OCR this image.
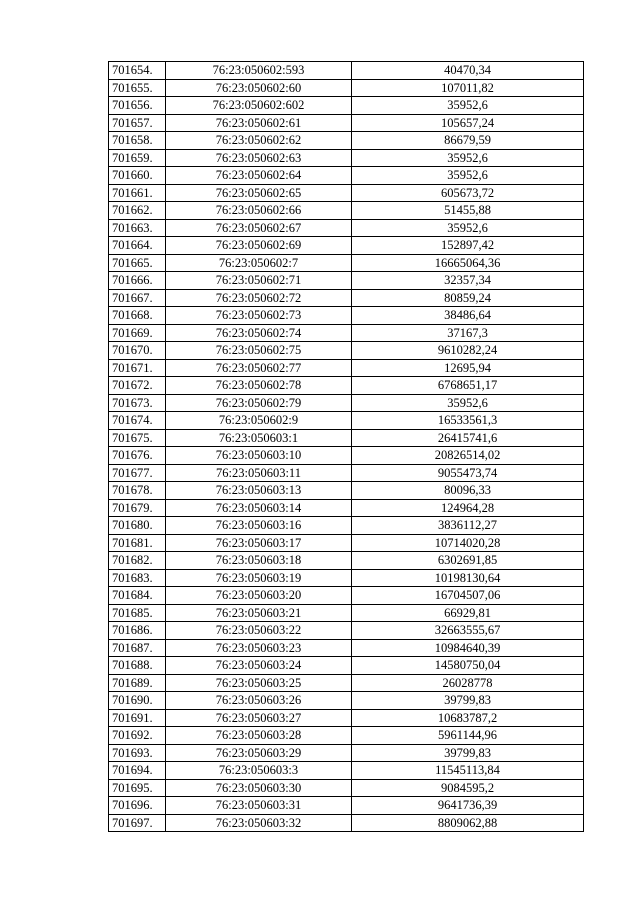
701654.	76:23:050602:593	40470,34
701655.	76:23:050602:60	107011,82
701656.	76:23:050602:602	35952,6
701657.	76:23:050602:61	105657,24
701658.	76:23:050602:62	86679,59
701659.	76:23:050602:63	35952,6
701660.	76:23:050602:64	35952,6
701661.	76:23:050602:65	605673,72
701662.	76:23:050602:66	51455,88
701663.	76:23:050602:67	35952,6
701664.	76:23:050602:69	152897,42
701665.	76:23:050602:7	16665064,36
701666.	76:23:050602:71	32357,34
701667.	76:23:050602:72	80859,24
701668.	76:23:050602:73	38486,64
701669.	76:23:050602:74	37167,3
701670.	76:23:050602:75	9610282,24
701671.	76:23:050602:77	12695,94
701672.	76:23:050602:78	6768651,17
701673.	76:23:050602:79	35952,6
701674.	76:23:050602:9	16533561,3
701675.	76:23:050603:1	26415741,6
701676.	76:23:050603:10	20826514,02
701677.	76:23:050603:11	9055473,74
701678.	76:23:050603:13	80096,33
701679.	76:23:050603:14	124964,28
701680.	76:23:050603:16	3836112,27
701681.	76:23:050603:17	10714020,28
701682.	76:23:050603:18	6302691,85
701683.	76:23:050603:19	10198130,64
701684.	76:23:050603:20	16704507,06
701685.	76:23:050603:21	66929,81
701686.	76:23:050603:22	32663555,67
701687.	76:23:050603:23	10984640,39
701688.	76:23:050603:24	14580750,04
701689.	76:23:050603:25	26028778
701690.	76:23:050603:26	39799,83
701691.	76:23:050603:27	10683787,2
701692.	76:23:050603:28	5961144,96
701693.	76:23:050603:29	39799,83
701694.	76:23:050603:3	11545113,84
701695.	76:23:050603:30	9084595,2
701696.	76:23:050603:31	9641736,39
701697.	76:23:050603:32	8809062,88
